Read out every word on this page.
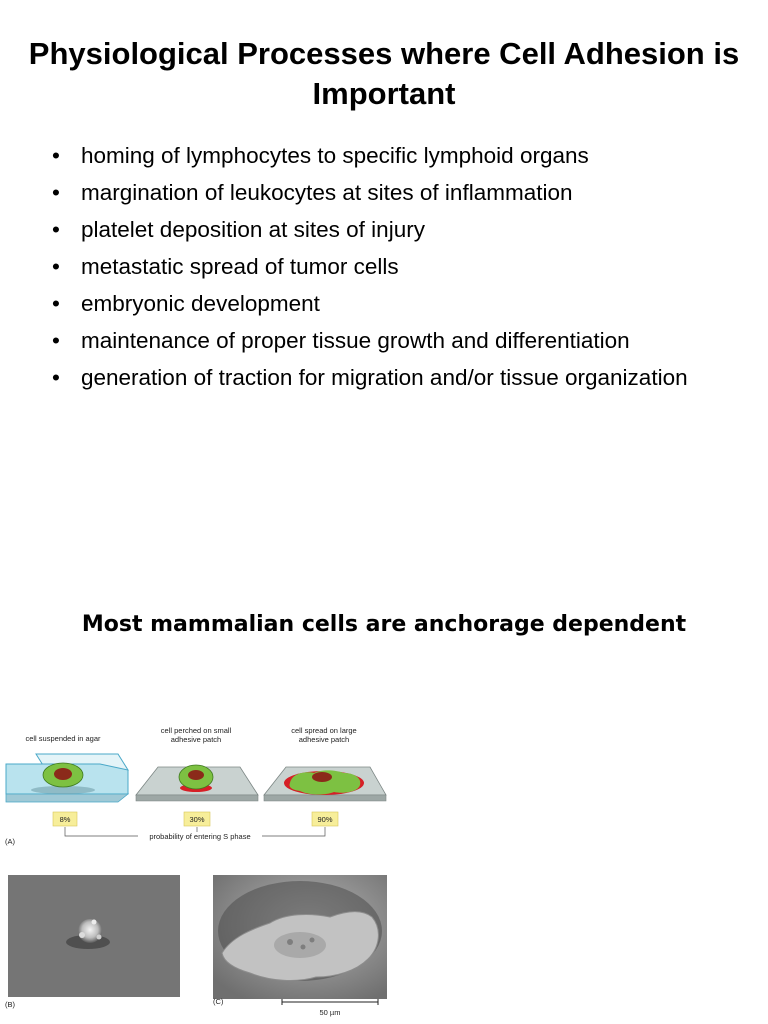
Physiological Processes where Cell Adhesion is Important
• homing of lymphocytes to specific lymphoid organs
• margination of leukocytes at sites of inflammation
• platelet deposition at sites of injury
• metastatic spread of tumor cells
• embryonic development
• maintenance of proper tissue growth and differentiation
• generation of traction for migration and/or tissue organization
Most mammalian cells are anchorage dependent
cell suspended in agar
cell perched on small
adhesive patch
cell spread on large
adhesive patch
8%	30%	90%
probability of entering S phase
(A)
(B)	(C)
50 µm
